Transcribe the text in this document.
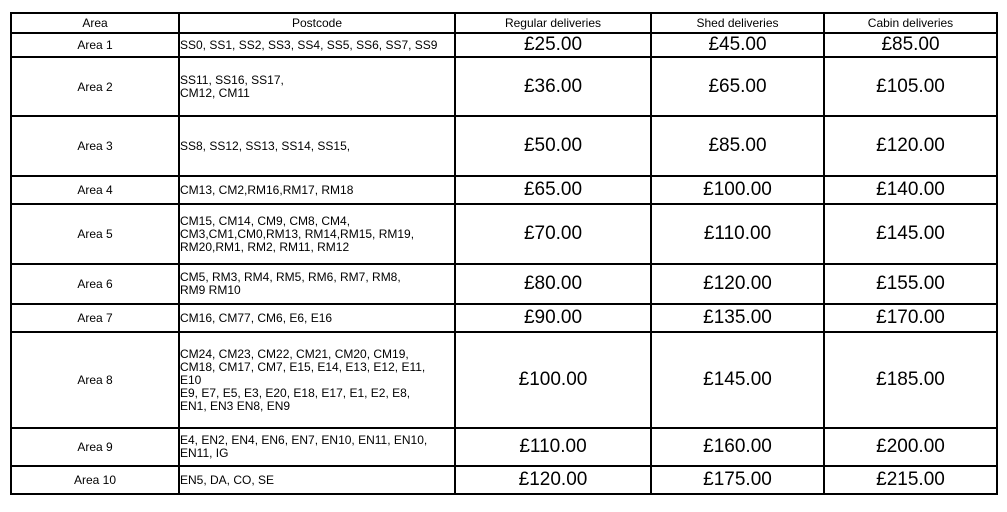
Area	Postcode	Regular deliveries	Shed deliveries	Cabin deliveries
Area 1	SS0, SS1, SS2, SS3, SS4, SS5, SS6, SS7, SS9	£25.00	£45.00	£85.00
Area 2	SS11, SS16, SS17,
CM12, CM11	£36.00	£65.00	£105.00
Area 3	SS8, SS12, SS13, SS14, SS15,	£50.00	£85.00	£120.00
Area 4	CM13, CM2,RM16,RM17, RM18	£65.00	£100.00	£140.00
Area 5	CM15, CM14, CM9, CM8, CM4,
CM3,CM1,CM0,RM13, RM14,RM15, RM19,
RM20,RM1, RM2, RM11, RM12	£70.00	£110.00	£145.00
Area 6	CM5, RM3, RM4, RM5, RM6, RM7, RM8,
RM9 RM10	£80.00	£120.00	£155.00
Area 7	CM16, CM77, CM6, E6, E16	£90.00	£135.00	£170.00
Area 8	CM24, CM23, CM22, CM21, CM20, CM19,
CM18, CM17, CM7, E15, E14, E13, E12, E11,
E10
E9, E7, E5, E3, E20, E18, E17, E1, E2, E8,
EN1, EN3 EN8, EN9	£100.00	£145.00	£185.00
Area 9	E4, EN2, EN4, EN6, EN7, EN10, EN11, EN10,
EN11, IG	£110.00	£160.00	£200.00
Area 10	EN5, DA, CO, SE	£120.00	£175.00	£215.00
